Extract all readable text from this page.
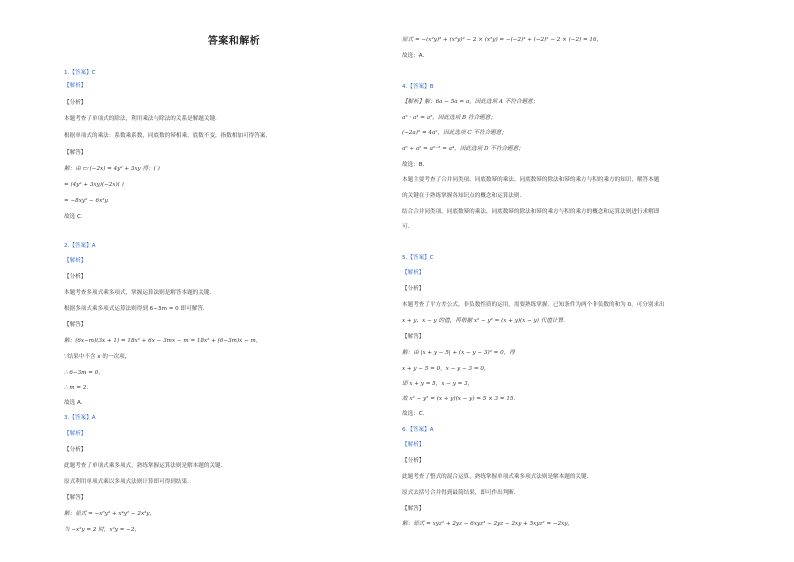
答案和解析
1.【答案】C
【解析】
【分析】
本题考查了单项式的除法，利用乘法与除法的关系是解题关键．
根据单项式的乘法：系数乘系数，同底数的幂相乘，底数不变，指数相加可得答案．
【解答】
解：由 ▭·(−2x) = 4y² + 3xy 得：( )
= (4y² + 3xy)(−2x)( )
= −8xy² − 6x²y.
故选 C．
2.【答案】A
【解析】
【分析】
本题考查多项式乘多项式，掌握运算法则是解答本题的关键．
根据多项式乘多项式运算法则得到 6−3m = 0 即可解答．
【解答】
解：(6x−m)(3x + 1) = 18x² + 6x − 3mx − m = 18x² + (6−3m)x − m，
∵结果中不含 x 的一次项，
∴ 6−3m = 0，
∴ m = 2．
故选 A．
3.【答案】A
【解析】
【分析】
此题考查了单项式乘多项式，熟练掌握运算法则是解本题的关键．
原式利用单项式乘以多项式法则计算即可得到结果．
【解答】
解：原式 = −x⁶y³ + x⁴y² − 2x³y，
当 −x²y = 2 时，x²y = −2，
原式 = −(x²y)³ + (x²y)² − 2 × (x²y) = −(−2)³ + (−2)² − 2 × (−2) = 16，
故选：A．
4.【答案】B
【解析】解：6a − 5a = a，因此选项 A 不符合题意；
a² · a³ = a⁵，因此选项 B 符合题意；
(−2a)² = 4a²，因此选项 C 不符合题意；
a⁶ ÷ a² = a⁶⁻² = a⁴，因此选项 D 不符合题意；
故选：B．
本题主要考查了合并同类项、同底数幂的乘法、同底数幂的除法和幂的乘方与积的乘方的知识，解答本题
的关键在于熟练掌握各知识点的概念和运算法则．
结合合并同类项、同底数幂的乘法、同底数幂的除法和幂的乘方与积的乘方的概念和运算法则进行求解即
可．
5.【答案】C
【解析】
【分析】
本题考查了平方差公式，非负数性质的运用，需要熟练掌握．已知条件为两个非负数的和为 0，可分别求出
x + y、x − y 的值，再根据 x² − y² = (x + y)(x − y) 代值计算．
【解答】
解：由 |x + y − 5| + (x − y − 3)² = 0，得
x + y − 5 = 0，x − y − 3 = 0，
即 x + y = 5，x − y = 3，
故 x² − y² = (x + y)(x − y) = 5 × 3 = 15．
故选：C．
6.【答案】A
【解析】
【分析】
此题考查了整式的混合运算，熟练掌握单项式乘多项式法则是解本题的关键．
原式去括号合并得到最简结果，即可作出判断．
【解答】
解：原式 = xyz² + 2yz − 6xyz² − 2yz − 2xy + 5xyz² = −2xy，
